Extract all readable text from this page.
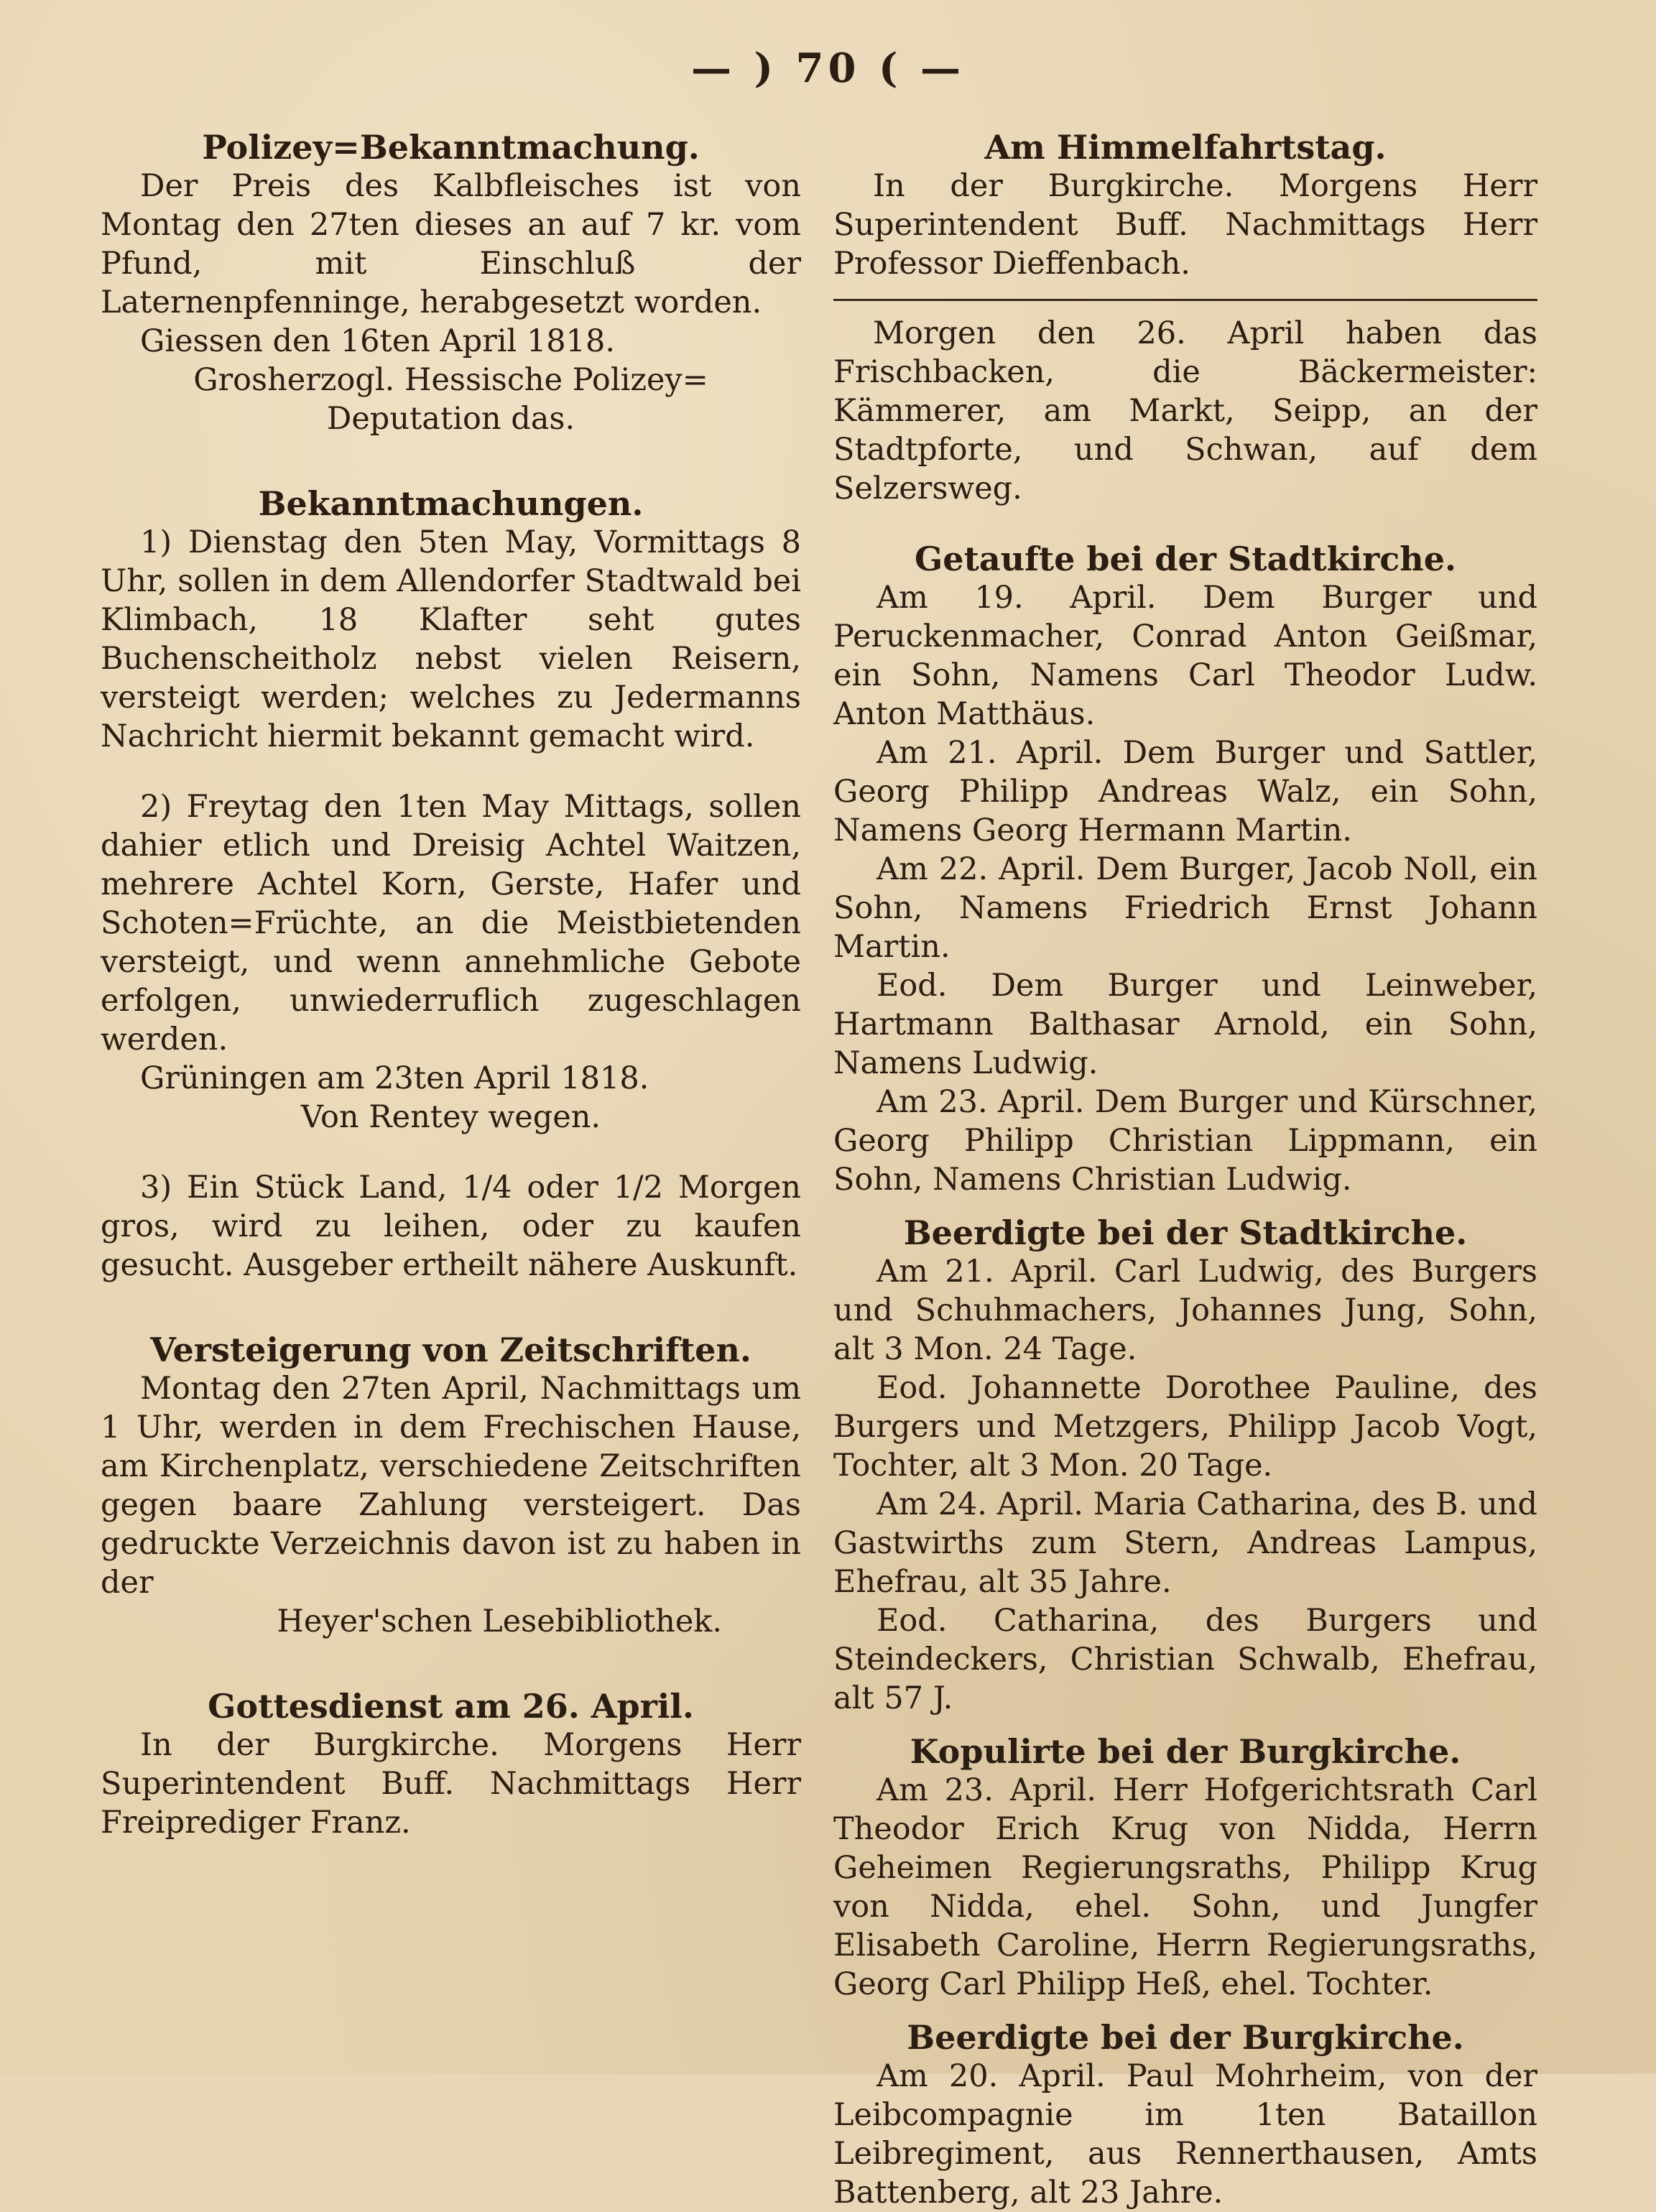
— ) 70 ( —

Polizey=Bekanntmachung.

Der Preis des Kalbfleisches ist von Montag den 27ten dieses an auf 7 kr. vom Pfund, mit Einschluß der Laternenpfenninge, herabgesetzt worden.

Giessen den 16ten April 1818.

Grosherzogl. Hessische Polizey=

Deputation das.

Bekanntmachungen.

1) Dienstag den 5ten May, Vormittags 8 Uhr, sollen in dem Allendorfer Stadtwald bei Klimbach, 18 Klafter seht gutes Buchenscheitholz nebst vielen Reisern, versteigt werden; welches zu Jedermanns Nachricht hiermit bekannt gemacht wird.

2) Freytag den 1ten May Mittags, sollen dahier etlich und Dreisig Achtel Waitzen, mehrere Achtel Korn, Gerste, Hafer und Schoten=Früchte, an die Meistbietenden versteigt, und wenn annehmliche Gebote erfolgen, unwiederruflich zugeschlagen werden.

Grüningen am 23ten April 1818.

Von Rentey wegen.

3) Ein Stück Land, 1/4 oder 1/2 Morgen gros, wird zu leihen, oder zu kaufen gesucht. Ausgeber ertheilt nähere Auskunft.

Versteigerung von Zeitschriften.

Montag den 27ten April, Nachmittags um 1 Uhr, werden in dem Frechischen Hause, am Kirchenplatz, verschiedene Zeitschriften gegen baare Zahlung versteigert. Das gedruckte Verzeichnis davon ist zu haben in der

Heyer'schen Lesebibliothek.

Gottesdienst am 26. April.

In der Burgkirche. Morgens Herr Superintendent Buff. Nachmittags Herr Freiprediger Franz.

Am Himmelfahrtstag.

In der Burgkirche. Morgens Herr Superintendent Buff. Nachmittags Herr Professor Dieffenbach.

Morgen den 26. April haben das Frischbacken, die Bäckermeister: Kämmerer, am Markt, Seipp, an der Stadtpforte, und Schwan, auf dem Selzersweg.

Getaufte bei der Stadtkirche.

Am 19. April. Dem Burger und Peruckenmacher, Conrad Anton Geißmar, ein Sohn, Namens Carl Theodor Ludw. Anton Matthäus.

Am 21. April. Dem Burger und Sattler, Georg Philipp Andreas Walz, ein Sohn, Namens Georg Hermann Martin.

Am 22. April. Dem Burger, Jacob Noll, ein Sohn, Namens Friedrich Ernst Johann Martin.

Eod. Dem Burger und Leinweber, Hartmann Balthasar Arnold, ein Sohn, Namens Ludwig.

Am 23. April. Dem Burger und Kürschner, Georg Philipp Christian Lippmann, ein Sohn, Namens Christian Ludwig.

Beerdigte bei der Stadtkirche.

Am 21. April. Carl Ludwig, des Burgers und Schuhmachers, Johannes Jung, Sohn, alt 3 Mon. 24 Tage.

Eod. Johannette Dorothee Pauline, des Burgers und Metzgers, Philipp Jacob Vogt, Tochter, alt 3 Mon. 20 Tage.

Am 24. April. Maria Catharina, des B. und Gastwirths zum Stern, Andreas Lampus, Ehefrau, alt 35 Jahre.

Eod. Catharina, des Burgers und Steindeckers, Christian Schwalb, Ehefrau, alt 57 J.

Kopulirte bei der Burgkirche.

Am 23. April. Herr Hofgerichtsrath Carl Theodor Erich Krug von Nidda, Herrn Geheimen Regierungsraths, Philipp Krug von Nidda, ehel. Sohn, und Jungfer Elisabeth Caroline, Herrn Regierungsraths, Georg Carl Philipp Heß, ehel. Tochter.

Beerdigte bei der Burgkirche.

Am 20. April. Paul Mohrheim, von der Leibcompagnie im 1ten Bataillon Leibregiment, aus Rennerthausen, Amts Battenberg, alt 23 Jahre.
